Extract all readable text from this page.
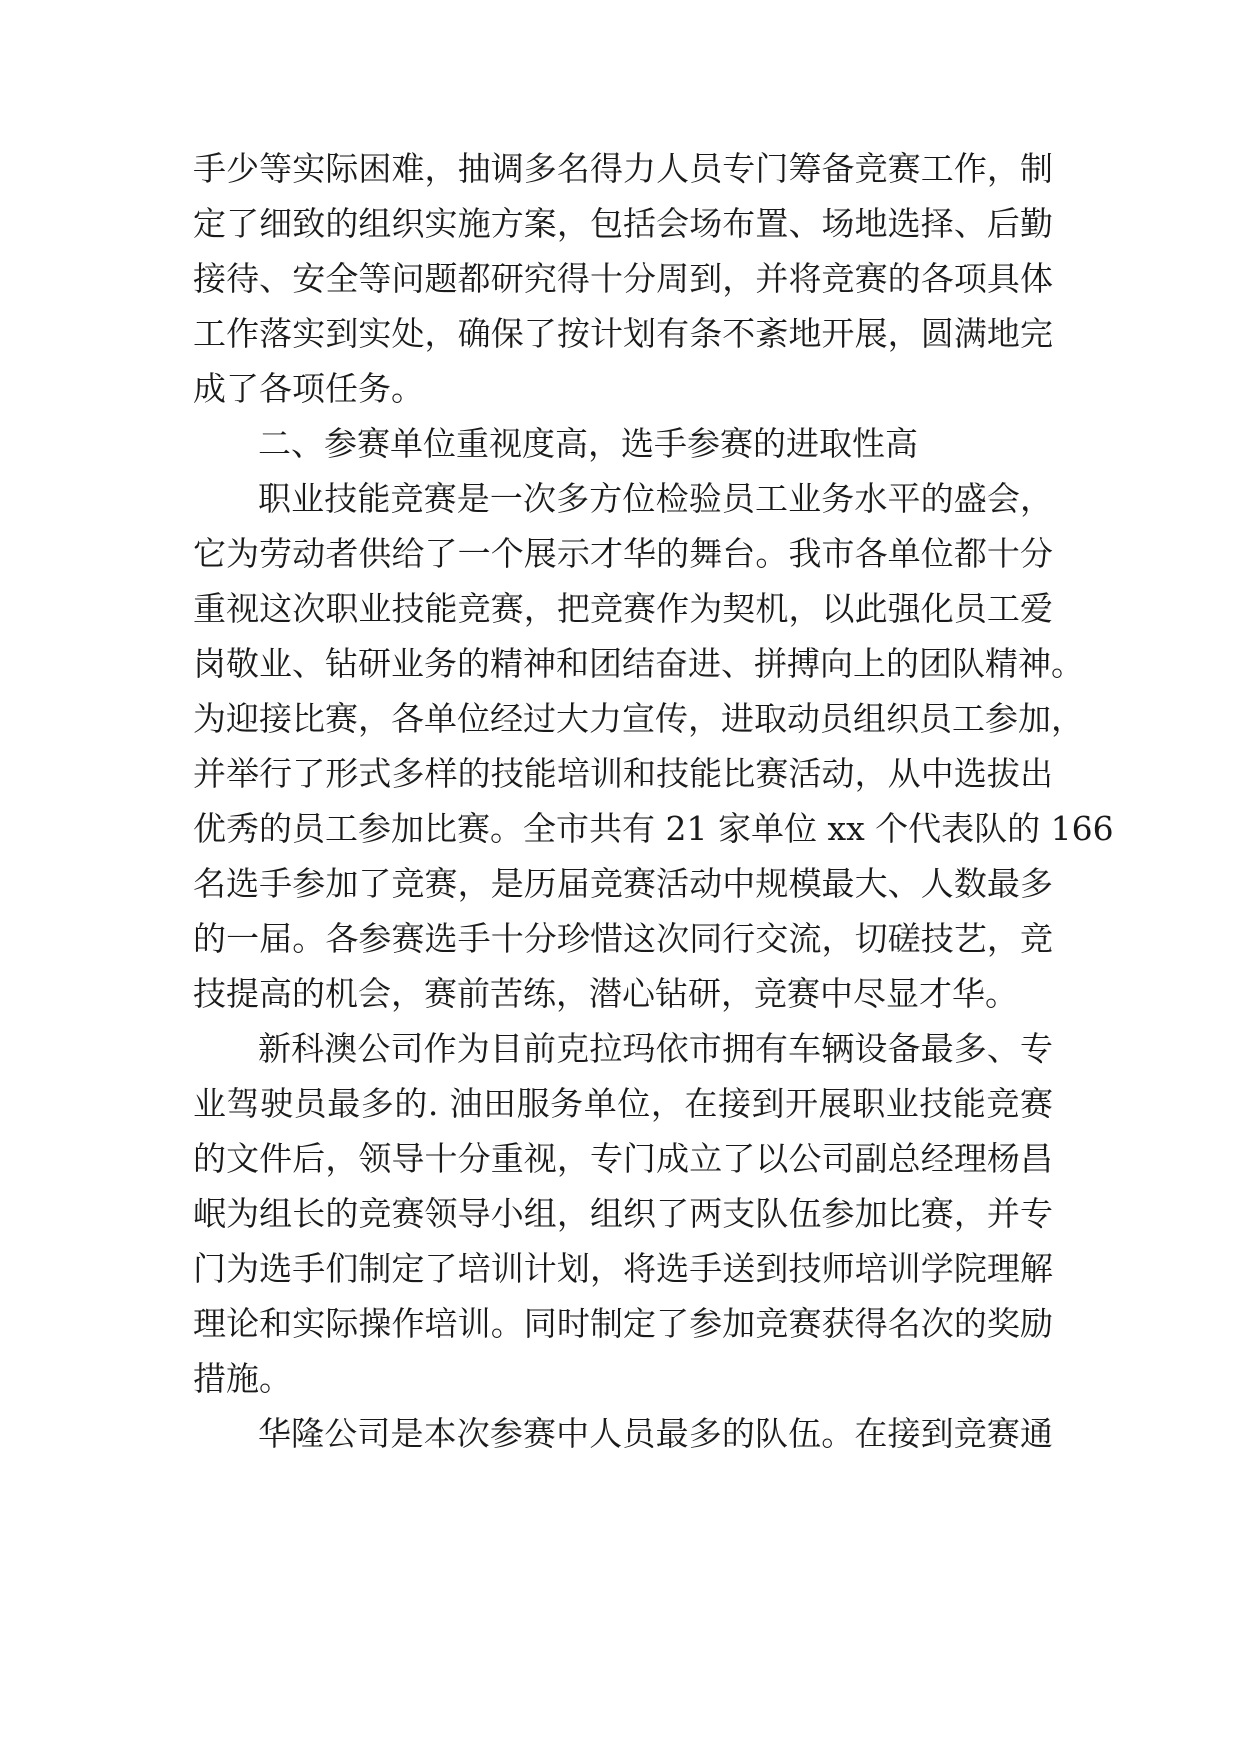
手少等实际困难，抽调多名得力人员专门筹备竞赛工作，制
定了细致的组织实施方案，包括会场布置、场地选择、后勤
接待、安全等问题都研究得十分周到，并将竞赛的各项具体
工作落实到实处，确保了按计划有条不紊地开展，圆满地完
成了各项任务。
二、参赛单位重视度高，选手参赛的进取性高
职业技能竞赛是一次多方位检验员工业务水平的盛会，
它为劳动者供给了一个展示才华的舞台。我市各单位都十分
重视这次职业技能竞赛，把竞赛作为契机，以此强化员工爱
岗敬业、钻研业务的精神和团结奋进、拼搏向上的团队精神。
为迎接比赛，各单位经过大力宣传，进取动员组织员工参加，
并举行了形式多样的技能培训和技能比赛活动，从中选拔出
优秀的员工参加比赛。全市共有 21 家单位 xx 个代表队的 166
名选手参加了竞赛，是历届竞赛活动中规模最大、人数最多
的一届。各参赛选手十分珍惜这次同行交流，切磋技艺，竞
技提高的机会，赛前苦练，潜心钻研，竞赛中尽显才华。
新科澳公司作为目前克拉玛依市拥有车辆设备最多、专
业驾驶员最多的. 油田服务单位，在接到开展职业技能竞赛
的文件后，领导十分重视，专门成立了以公司副总经理杨昌
岷为组长的竞赛领导小组，组织了两支队伍参加比赛，并专
门为选手们制定了培训计划，将选手送到技师培训学院理解
理论和实际操作培训。同时制定了参加竞赛获得名次的奖励
措施。
华隆公司是本次参赛中人员最多的队伍。在接到竞赛通
